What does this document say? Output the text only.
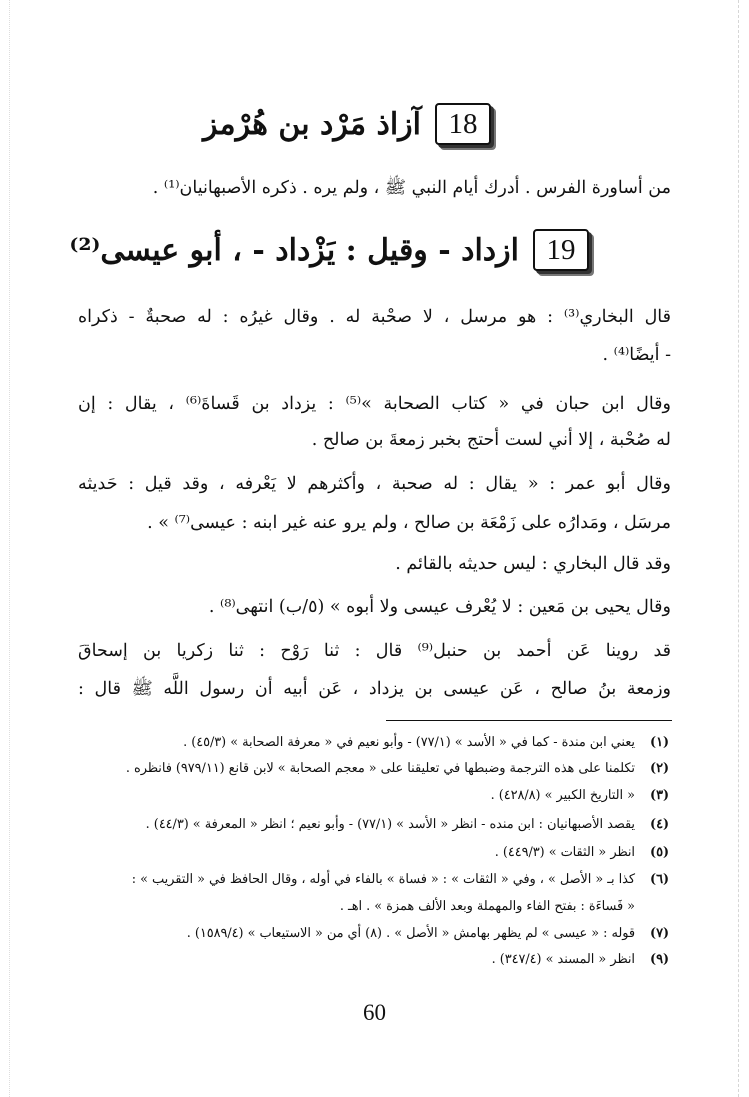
18
آزاذ مَرْد بن هُرْمز
من أساورة الفرس . أدرك أيام النبي ﷺ ، ولم يره . ذكره الأصبهانيان⁽¹⁾ .
19
ازداد - وقيل : يَزْداد - ، أبو عيسى⁽²⁾
قال البخاري⁽³⁾ : هو مرسل ، لا صحْبة له . وقال غيرُه : له صحبةٌ - ذكراه
- أيضًا⁽⁴⁾ .
وقال ابن حبان في « كتاب الصحابة »⁽⁵⁾ : يزداد بن قَساةَ⁽⁶⁾ ، يقال : إن
له صُحْبة ، إلا أني لست أحتج بخبر زمعةَ بن صالح .
وقال أبو عمر : « يقال : له صحبة ، وأكثرهم لا يَعْرفه ، وقد قيل : حَديثه
مرسَل ، ومَدارُه على زَمْعَة بن صالح ، ولم يرو عنه غير ابنه : عيسى⁽⁷⁾ » .
وقد قال البخاري : ليس حديثه بالقائم .
وقال يحيى بن مَعين : لا يُعْرف عيسى ولا أبوه » (٥/ب) انتهى⁽⁸⁾ .
قد روينا عَن أحمد بن حنبل⁽⁹⁾ قال : ثنا رَوْح : ثنا زكريا بن إسحاقَ
وزمعة بنُ صالح ، عَن عيسى بن يزداد ، عَن أبيه أن رسول اللَّه ﷺ قال :
(١)يعني ابن مندة - كما في « الأسد » (٧٧/١) - وأبو نعيم في « معرفة الصحابة » (٤٥/٣) .
(٢)تكلمنا على هذه الترجمة وضبطها في تعليقنا على « معجم الصحابة » لابن قانع (٩٧٩/١١) فانظره .
(٣)« التاريخ الكبير » (٤٢٨/٨) .
(٤)يقصد الأصبهانيان : ابن منده - انظر « الأسد » (٧٧/١) - وأبو نعيم ؛ انظر « المعرفة » (٤٤/٣) .
(٥)انظر « الثقات » (٤٤٩/٣) .
(٦)كذا بـ « الأصل » ، وفي « الثقات » : « فساة » بالفاء في أوله ، وقال الحافظ في « التقريب » :
« فَساءَة : بفتح الفاء والمهملة وبعد الألف همزة » . اهـ .
(٧)قوله : « عيسى » لم يظهر بهامش « الأصل » . (٨) أي من « الاستيعاب » (١٥٨٩/٤) .
(٩)انظر « المسند » (٣٤٧/٤) .
60
